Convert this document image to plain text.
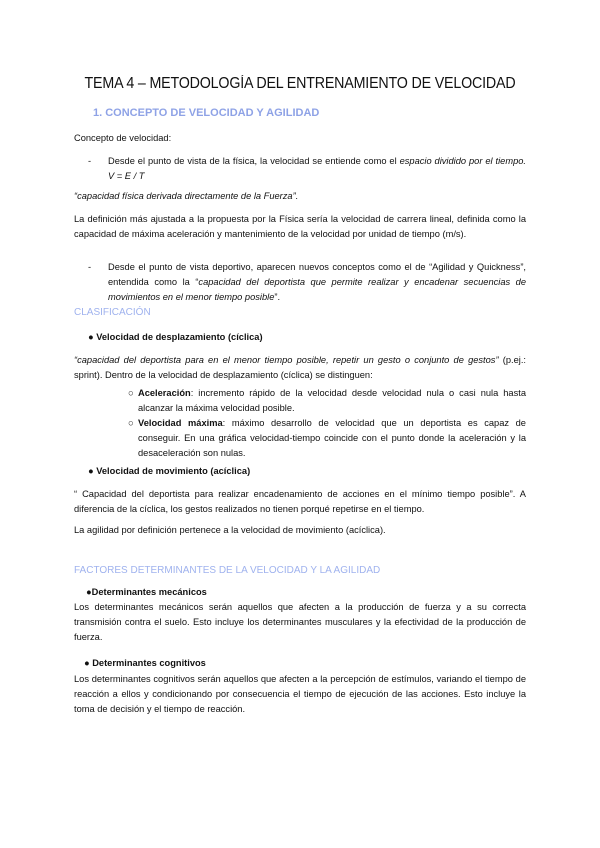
TEMA 4 – METODOLOGÍA DEL ENTRENAMIENTO DE VELOCIDAD
1. CONCEPTO DE VELOCIDAD Y AGILIDAD
Concepto de velocidad:
- Desde el punto de vista de la física, la velocidad se entiende como el espacio dividido por el tiempo. V = E / T
“capacidad física derivada directamente de la Fuerza”.
La definición más ajustada a la propuesta por la Física sería la velocidad de carrera lineal, definida como la capacidad de máxima aceleración y mantenimiento de la velocidad por unidad de tiempo (m/s).
- Desde el punto de vista deportivo, aparecen nuevos conceptos como el de “Agilidad y Quickness”, entendida como la “capacidad del deportista que permite realizar y encadenar secuencias de movimientos en el menor tiempo posible”.
CLASIFICACIÓN
● Velocidad de desplazamiento (cíclica)
“capacidad del deportista para en el menor tiempo posible, repetir un gesto o conjunto de gestos” (p.ej.: sprint). Dentro de la velocidad de desplazamiento (cíclica) se distinguen:
○ Aceleración: incremento rápido de la velocidad desde velocidad nula o casi nula hasta alcanzar la máxima velocidad posible.
○ Velocidad máxima: máximo desarrollo de velocidad que un deportista es capaz de conseguir. En una gráfica velocidad-tiempo coincide con el punto donde la aceleración y la desaceleración son nulas.
● Velocidad de movimiento (acíclica)
“ Capacidad del deportista para realizar encadenamiento de acciones en el mínimo tiempo posible”. A diferencia de la cíclica, los gestos realizados no tienen porqué repetirse en el tiempo.
La agilidad por definición pertenece a la velocidad de movimiento (acíclica).
FACTORES DETERMINANTES DE LA VELOCIDAD Y LA AGILIDAD
●Determinantes mecánicos
Los determinantes mecánicos serán aquellos que afecten a la producción de fuerza y a su correcta transmisión contra el suelo. Esto incluye los determinantes musculares y la efectividad de la producción de fuerza.
● Determinantes cognitivos
Los determinantes cognitivos serán aquellos que afecten a la percepción de estímulos, variando el tiempo de reacción a ellos y condicionando por consecuencia el tiempo de ejecución de las acciones. Esto incluye la toma de decisión y el tiempo de reacción.
